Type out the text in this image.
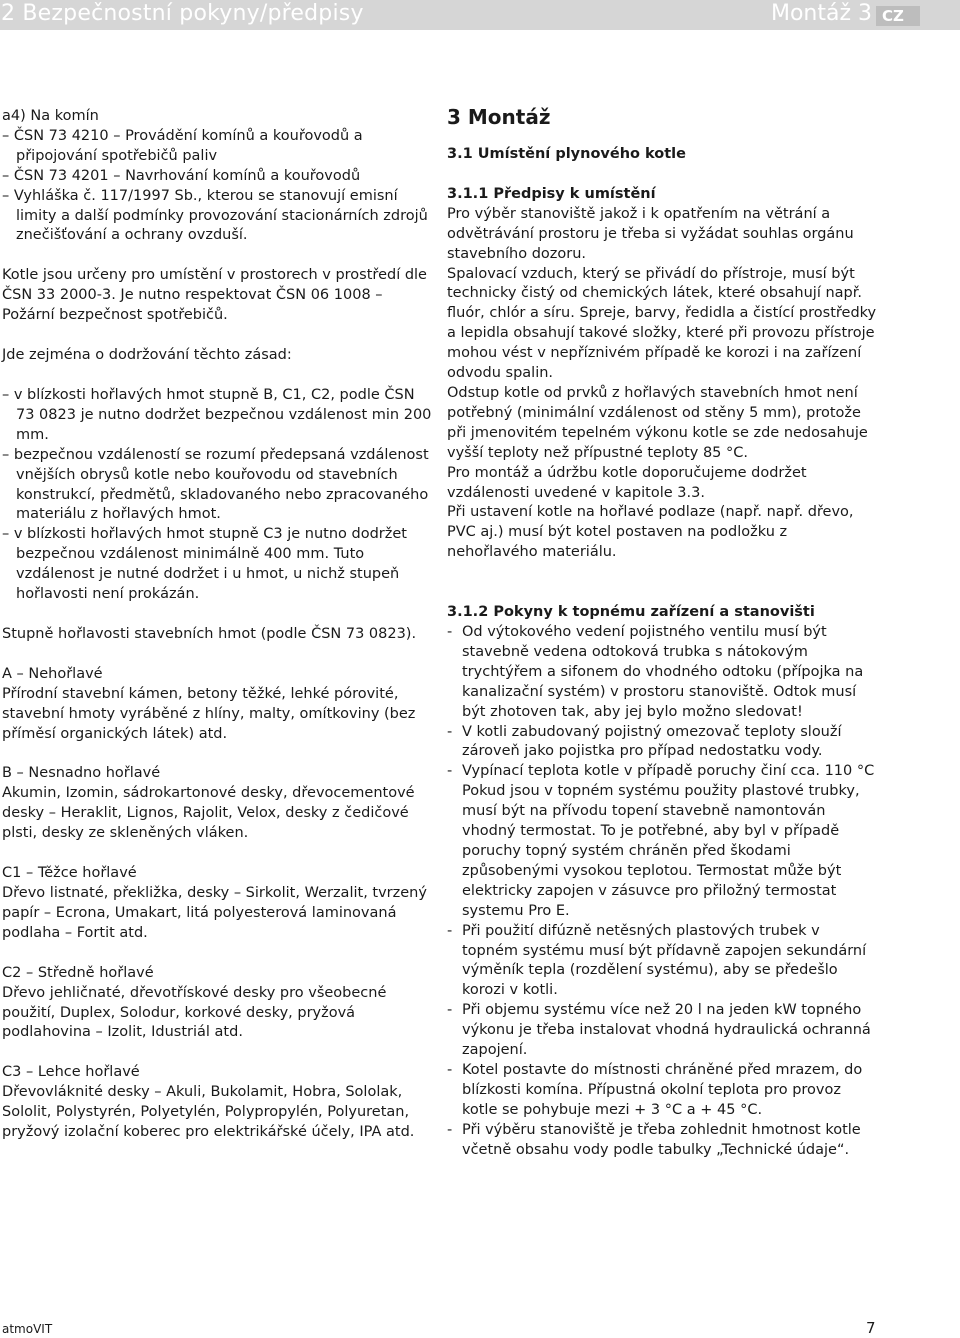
2 Bezpečnostní pokyny/předpisy	Montáž 3 CZ

a4) Na komín

– ČSN 73 4210 – Provádění komínů a kouřovodů a připojování spotřebičů paliv

– ČSN 73 4201 – Navrhování komínů a kouřovodů

– Vyhláška č. 117/1997 Sb., kterou se stanovují emisní limity a další podmínky provozování stacionárních zdrojů znečišťování a ochrany ovzduší.

Kotle jsou určeny pro umístění v prostorech v prostředí dle ČSN 33 2000-3. Je nutno respektovat ČSN 06 1008 – Požární bezpečnost spotřebičů.

Jde zejména o dodržování těchto zásad:

– v blízkosti hořlavých hmot stupně B, C1, C2, podle ČSN 73 0823 je nutno dodržet bezpečnou vzdálenost min 200 mm.

– bezpečnou vzdáleností se rozumí předepsaná vzdálenost vnějších obrysů kotle nebo kouřovodu od stavebních konstrukcí, předmětů, skladovaného nebo zpracovaného materiálu z hořlavých hmot.

– v blízkosti hořlavých hmot stupně C3 je nutno dodržet bezpečnou vzdálenost minimálně 400 mm. Tuto vzdálenost je nutné dodržet i u hmot, u nichž stupeň hořlavosti není prokázán.

Stupně hořlavosti stavebních hmot (podle ČSN 73 0823).

A – Nehořlavé

Přírodní stavební kámen, betony těžké, lehké pórovité, stavební hmoty vyráběné z hlíny, malty, omítkoviny (bez příměsí organických látek) atd.

B – Nesnadno hořlavé

Akumin, Izomin, sádrokartonové desky, dřevocementové desky – Heraklit, Lignos, Rajolit, Velox, desky z čedičové plsti, desky ze skleněných vláken.

C1 – Těžce hořlavé

Dřevo listnaté, překližka, desky – Sirkolit, Werzalit, tvrzený papír – Ecrona, Umakart, litá polyesterová laminovaná podlaha – Fortit atd.

C2 – Středně hořlavé

Dřevo jehličnaté, dřevotřískové desky pro všeobecné použití, Duplex, Solodur, korkové desky, pryžová podlahovina – Izolit, Idustriál atd.

C3 – Lehce hořlavé

Dřevovláknité desky – Akuli, Bukolamit, Hobra, Sololak, Sololit, Polystyrén, Polyetylén, Polypropylén, Polyuretan, pryžový izolační koberec pro elektrikářské účely, IPA atd.

3 Montáž

3.1 Umístění plynového kotle

3.1.1 Předpisy k umístění

Pro výběr stanoviště jakož i k opatřením na větrání a odvětrávání prostoru je třeba si vyžádat souhlas orgánu stavebního dozoru.

Spalovací vzduch, který se přivádí do přístroje, musí být technicky čistý od chemických látek, které obsahují např. fluór, chlór a síru. Spreje, barvy, ředidla a čistící prostředky a lepidla obsahují takové složky, které při provozu přístroje mohou vést v nepříznivém případě ke korozi i na zařízení odvodu spalin.

Odstup kotle od prvků z hořlavých stavebních hmot není potřebný (minimální vzdálenost od stěny 5 mm), protože při jmenovitém tepelném výkonu kotle se zde nedosahuje vyšší teploty než přípustné teploty 85 °C.

Pro montáž a údržbu kotle doporučujeme dodržet vzdálenosti uvedené v kapitole 3.3.

Při ustavení kotle na hořlavé podlaze (např. např. dřevo, PVC aj.) musí být kotel postaven na podložku z nehořlavého materiálu.

3.1.2 Pokyny k topnému zařízení a stanovišti

- Od výtokového vedení pojistného ventilu musí být stavebně vedena odtoková trubka s nátokovým trychtýřem a sifonem do vhodného odtoku (přípojka na kanalizační systém) v prostoru stanoviště. Odtok musí být zhotoven tak, aby jej bylo možno sledovat!
- V kotli zabudovaný pojistný omezovač teploty slouží zároveň jako pojistka pro případ nedostatku vody.
- Vypínací teplota kotle v případě poruchy činí cca. 110 °C Pokud jsou v topném systému použity plastové trubky, musí být na přívodu topení stavebně namontován vhodný termostat. To je potřebné, aby byl v případě poruchy topný systém chráněn před škodami způsobenými vysokou teplotou. Termostat může být elektricky zapojen v zásuvce pro přiložný termostat systemu Pro E.
- Při použití difúzně netěsných plastových trubek v topném systému musí být přídavně zapojen sekundární výměník tepla (rozdělení systému), aby se předešlo korozi v kotli.
- Při objemu systému více než 20 l na jeden kW topného výkonu je třeba instalovat vhodná hydraulická ochranná zapojení.
- Kotel postavte do místnosti chráněné před mrazem, do blízkosti komína. Přípustná okolní teplota pro provoz kotle se pohybuje mezi + 3 °C a + 45 °C.
- Při výběru stanoviště je třeba zohlednit hmotnost kotle včetně obsahu vody podle tabulky „Technické údaje“.
atmoVIT	7
